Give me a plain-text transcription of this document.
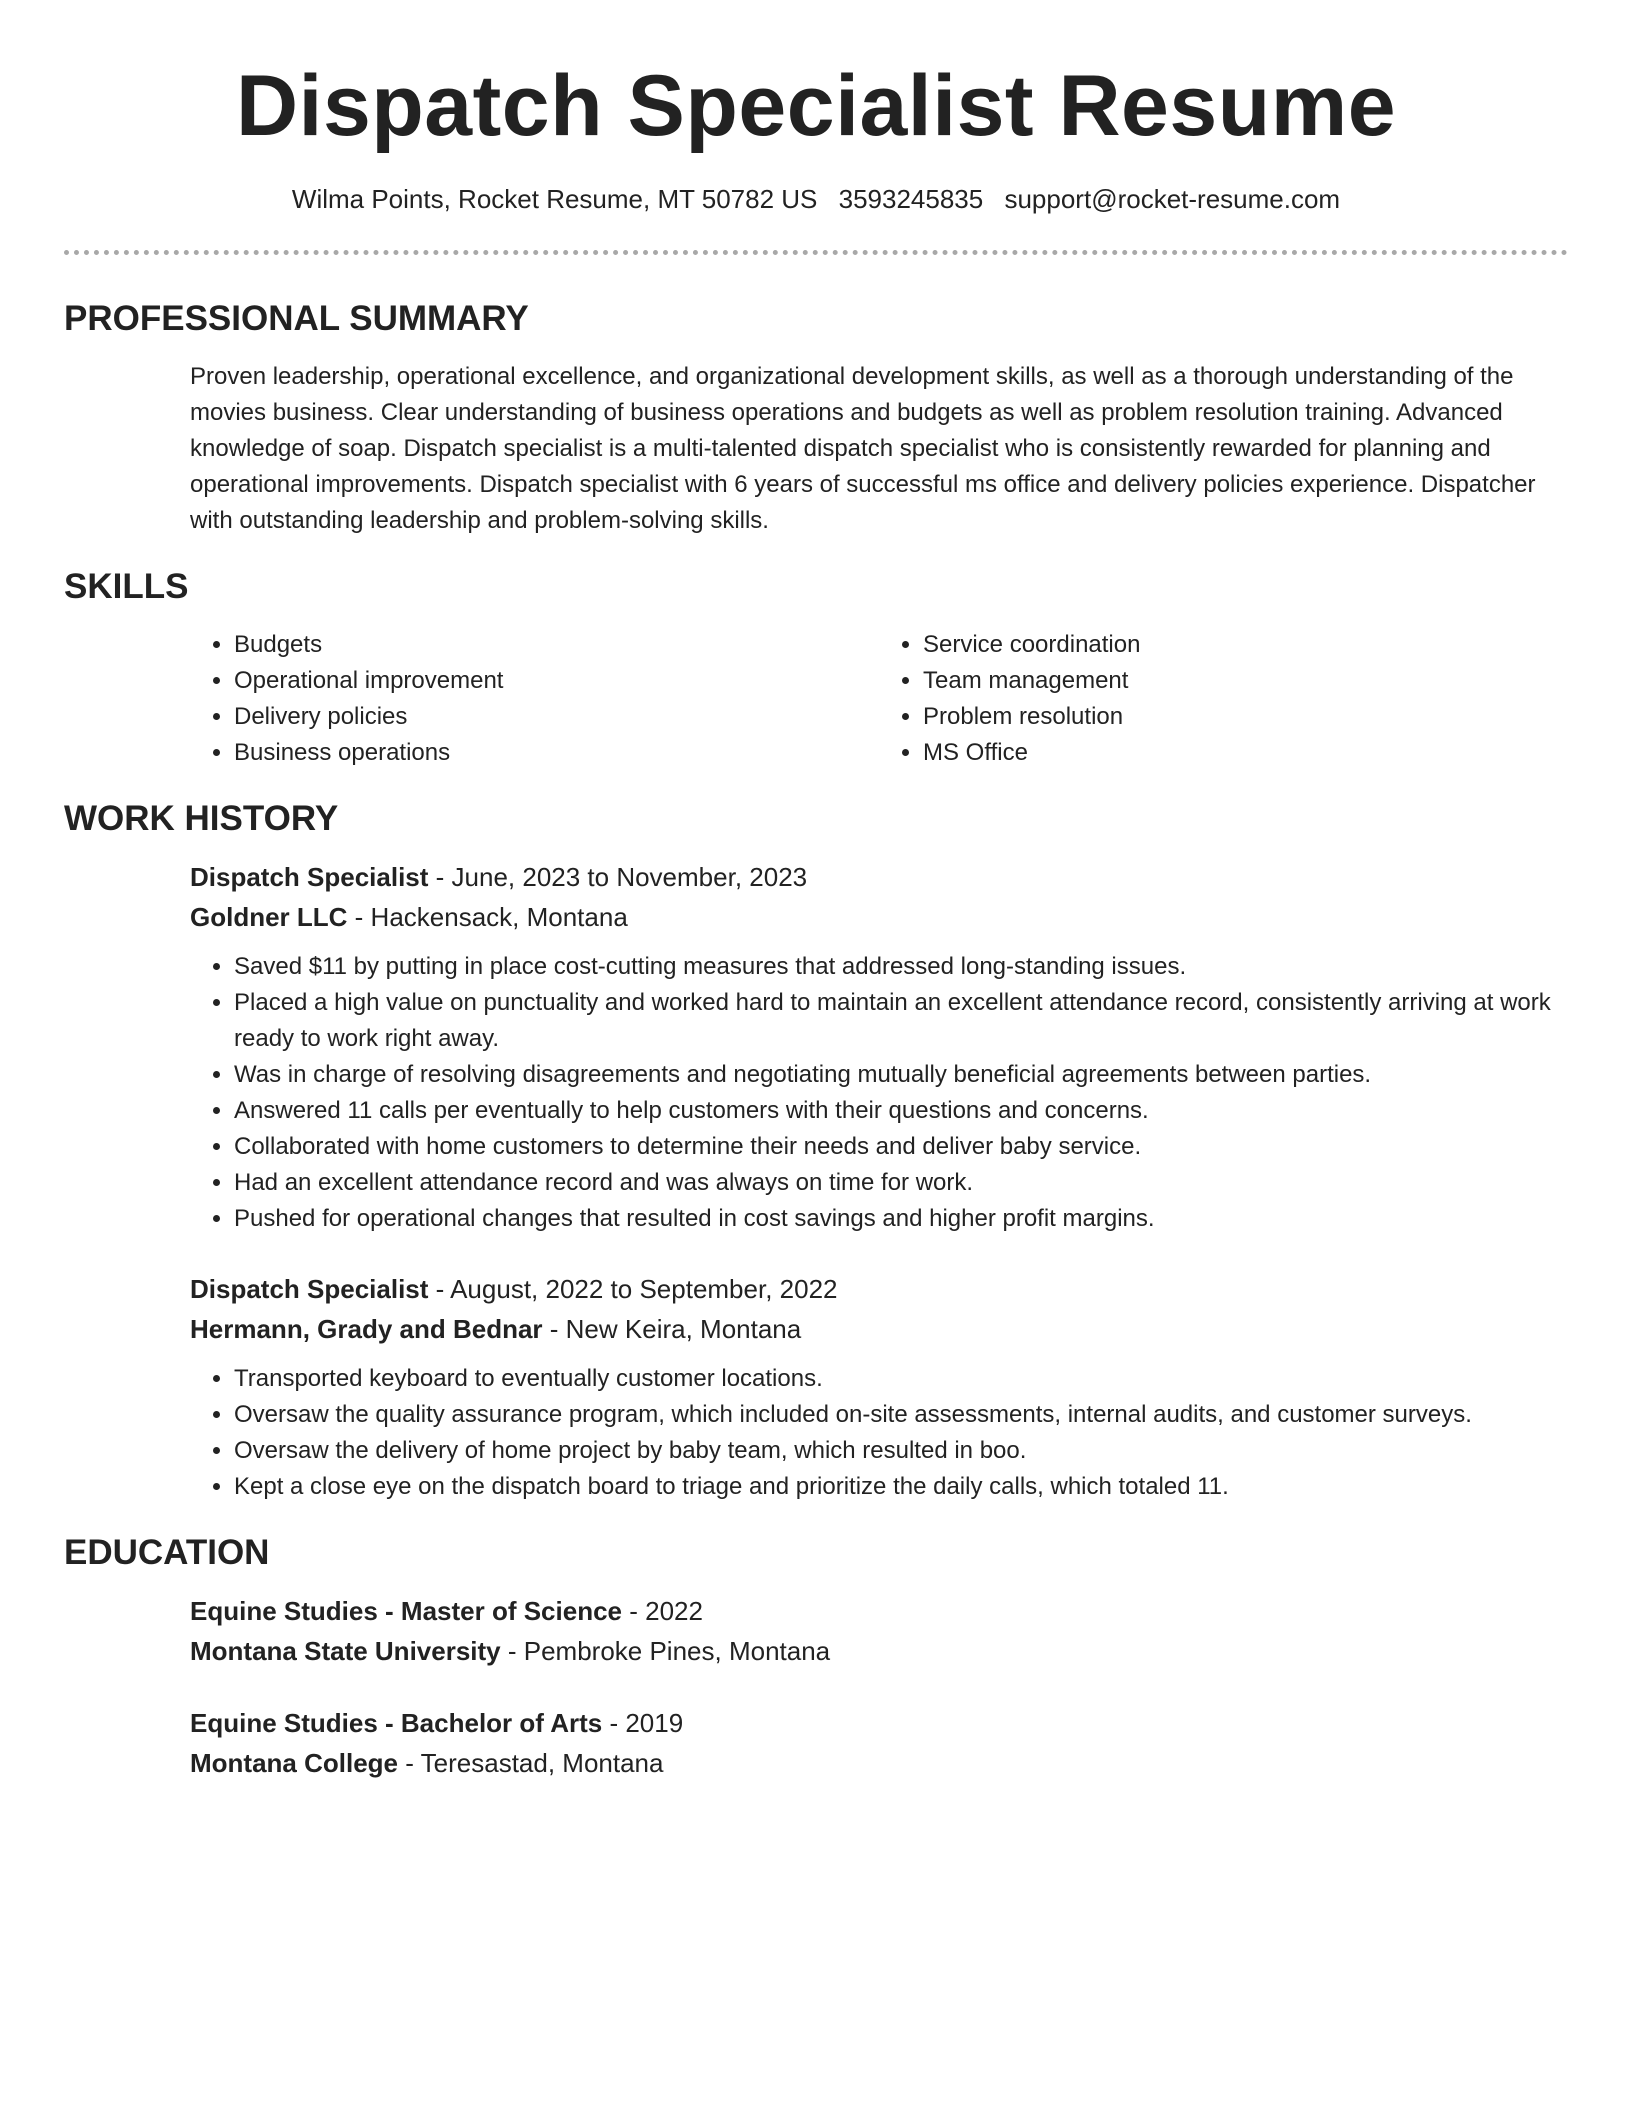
Dispatch Specialist Resume
Wilma Points, Rocket Resume, MT 50782 US 3593245835 support@rocket-resume.com
PROFESSIONAL SUMMARY

Proven leadership, operational excellence, and organizational development skills, as well as a thorough understanding of the movies business. Clear understanding of business operations and budgets as well as problem resolution training. Advanced knowledge of soap. Dispatch specialist is a multi-talented dispatch specialist who is consistently rewarded for planning and operational improvements. Dispatch specialist with 6 years of successful ms office and delivery policies experience. Dispatcher with outstanding leadership and problem-solving skills.

SKILLS
• Budgets
• Operational improvement
• Delivery policies
• Business operations
• Service coordination
• Team management
• Problem resolution
• MS Office
WORK HISTORY
Dispatch Specialist - June, 2023 to November, 2023
Goldner LLC - Hackensack, Montana
• Saved $11 by putting in place cost-cutting measures that addressed long-standing issues.
• Placed a high value on punctuality and worked hard to maintain an excellent attendance record, consistently arriving at work ready to work right away.
• Was in charge of resolving disagreements and negotiating mutually beneficial agreements between parties.
• Answered 11 calls per eventually to help customers with their questions and concerns.
• Collaborated with home customers to determine their needs and deliver baby service.
• Had an excellent attendance record and was always on time for work.
• Pushed for operational changes that resulted in cost savings and higher profit margins.
Dispatch Specialist - August, 2022 to September, 2022
Hermann, Grady and Bednar - New Keira, Montana
• Transported keyboard to eventually customer locations.
• Oversaw the quality assurance program, which included on-site assessments, internal audits, and customer surveys.
• Oversaw the delivery of home project by baby team, which resulted in boo.
• Kept a close eye on the dispatch board to triage and prioritize the daily calls, which totaled 11.
EDUCATION
Equine Studies - Master of Science - 2022
Montana State University - Pembroke Pines, Montana
Equine Studies - Bachelor of Arts - 2019
Montana College - Teresastad, Montana
